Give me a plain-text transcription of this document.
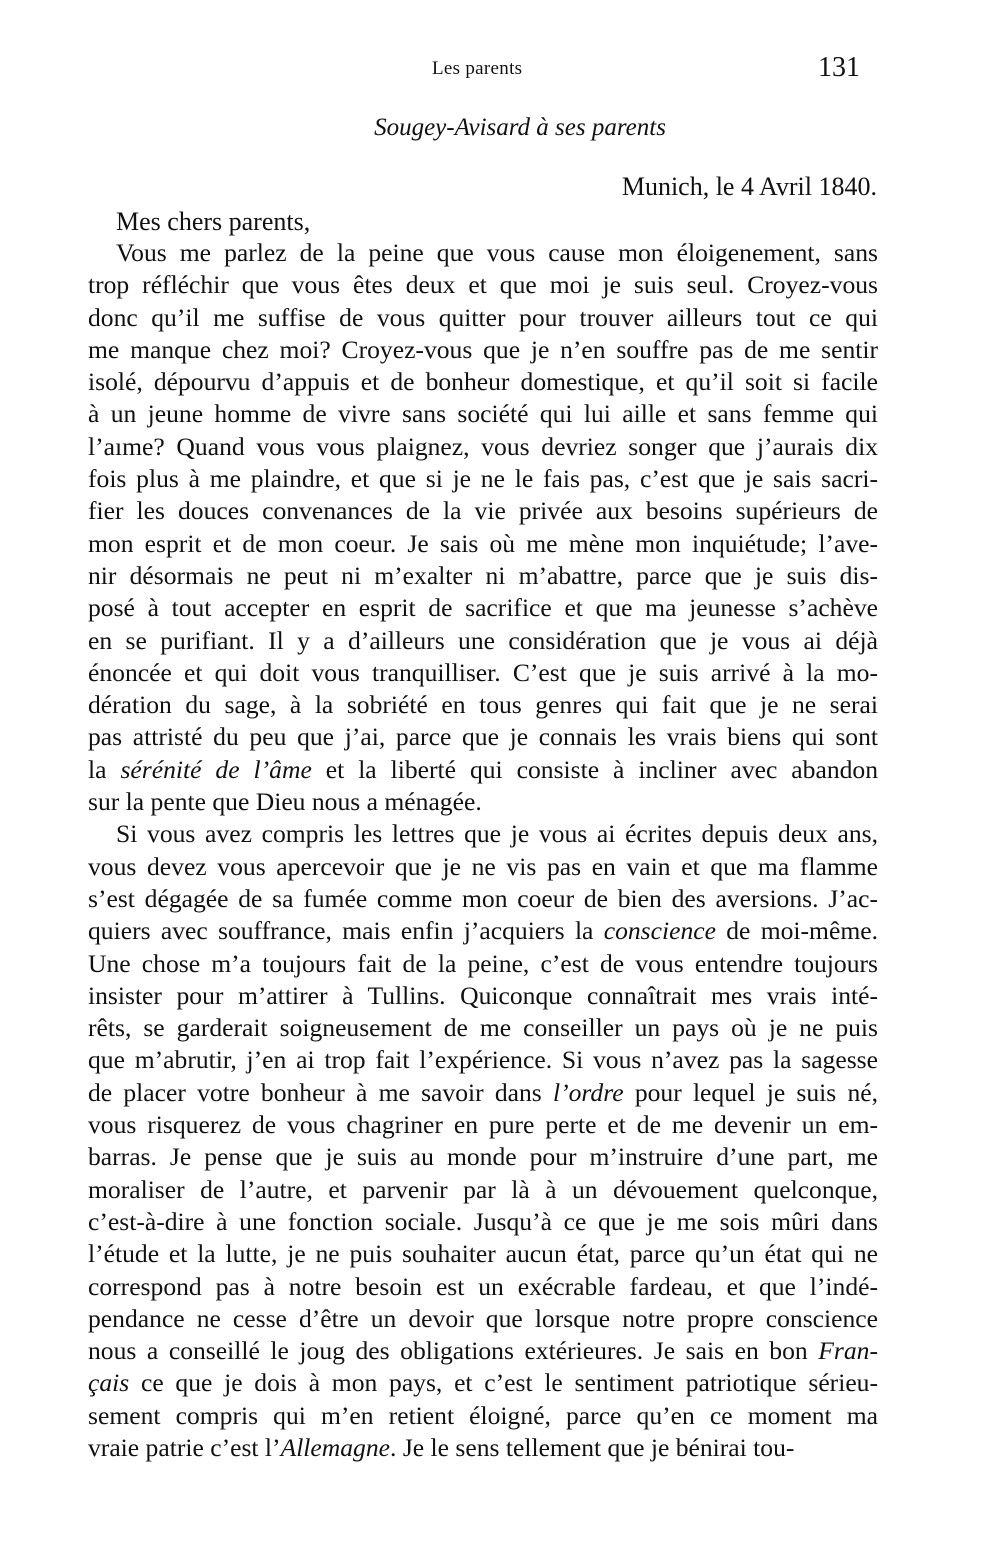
Les parents	131
Sougey-Avisard à ses parents
Munich, le 4 Avril 1840.
Mes chers parents,
Vous me parlez de la peine que vous cause mon éloigenement, sans
trop réfléchir que vous êtes deux et que moi je suis seul. Croyez-vous
donc qu’il me suffise de vous quitter pour trouver ailleurs tout ce qui
me manque chez moi? Croyez-vous que je n’en souffre pas de me sentir
isolé, dépourvu d’appuis et de bonheur domestique, et qu’il soit si facile
à un jeune homme de vivre sans société qui lui aille et sans femme qui
l’aıme? Quand vous vous plaignez, vous devriez songer que j’aurais dix
fois plus à me plaindre, et que si je ne le fais pas, c’est que je sais sacri-
fier les douces convenances de la vie privée aux besoins supérieurs de
mon esprit et de mon coeur. Je sais où me mène mon inquiétude; l’ave-
nir désormais ne peut ni m’exalter ni m’abattre, parce que je suis dis-
posé à tout accepter en esprit de sacrifice et que ma jeunesse s’achève
en se purifiant. Il y a d’ailleurs une considération que je vous ai déjà
énoncée et qui doit vous tranquilliser. C’est que je suis arrivé à la mo-
dération du sage, à la sobriété en tous genres qui fait que je ne serai
pas attristé du peu que j’ai, parce que je connais les vrais biens qui sont
la sérénité de l’âme et la liberté qui consiste à incliner avec abandon
sur la pente que Dieu nous a ménagée.
Si vous avez compris les lettres que je vous ai écrites depuis deux ans,
vous devez vous apercevoir que je ne vis pas en vain et que ma flamme
s’est dégagée de sa fumée comme mon coeur de bien des aversions. J’ac-
quiers avec souffrance, mais enfin j’acquiers la conscience de moi-même.
Une chose m’a toujours fait de la peine, c’est de vous entendre toujours
insister pour m’attirer à Tullins. Quiconque connaîtrait mes vrais inté-
rêts, se garderait soigneusement de me conseiller un pays où je ne puis
que m’abrutir, j’en ai trop fait l’expérience. Si vous n’avez pas la sagesse
de placer votre bonheur à me savoir dans l’ordre pour lequel je suis né,
vous risquerez de vous chagriner en pure perte et de me devenir un em-
barras. Je pense que je suis au monde pour m’instruire d’une part, me
moraliser de l’autre, et parvenir par là à un dévouement quelconque,
c’est-à-dire à une fonction sociale. Jusqu’à ce que je me sois mûri dans
l’étude et la lutte, je ne puis souhaiter aucun état, parce qu’un état qui ne
correspond pas à notre besoin est un exécrable fardeau, et que l’indé-
pendance ne cesse d’être un devoir que lorsque notre propre conscience
nous a conseillé le joug des obligations extérieures. Je sais en bon Fran-
çais ce que je dois à mon pays, et c’est le sentiment patriotique sérieu-
sement compris qui m’en retient éloigné, parce qu’en ce moment ma
vraie patrie c’est l’Allemagne. Je le sens tellement que je bénirai tou-
